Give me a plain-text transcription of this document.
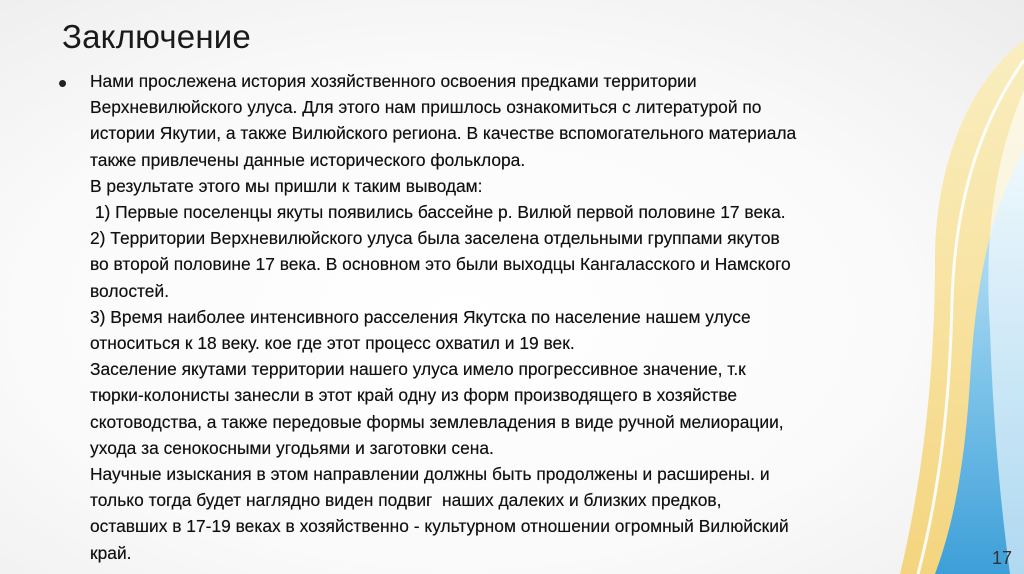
Заключение
• Нами прослежена история хозяйственного освоения предками территории
Верхневилюйского улуса. Для этого нам пришлось ознакомиться с литературой по
истории Якутии, а также Вилюйского региона. В качестве вспомогательного материала
также привлечены данные исторического фольклора.
В результате этого мы пришли к таким выводам:
1) Первые поселенцы якуты появились бассейне р. Вилюй первой половине 17 века.
2) Территории Верхневилюйского улуса была заселена отдельными группами якутов
во второй половине 17 века. В основном это были выходцы Кангаласского и Намского
волостей.
3) Время наиболее интенсивного расселения Якутска по население нашем улусе
относиться к 18 веку. кое где этот процесс охватил и 19 век.
Заселение якутами территории нашего улуса имело прогрессивное значение, т.к
тюрки-колонисты занесли в этот край одну из форм производящего в хозяйстве
скотоводства, а также передовые формы землевладения в виде ручной мелиорации,
ухода за сенокосными угодьями и заготовки сена.
Научные изыскания в этом направлении должны быть продолжены и расширены. и
только тогда будет наглядно виден подвиг  наших далеких и близких предков,
оставших в 17-19 веках в хозяйственно - культурном отношении огромный Вилюйский
край.	17
